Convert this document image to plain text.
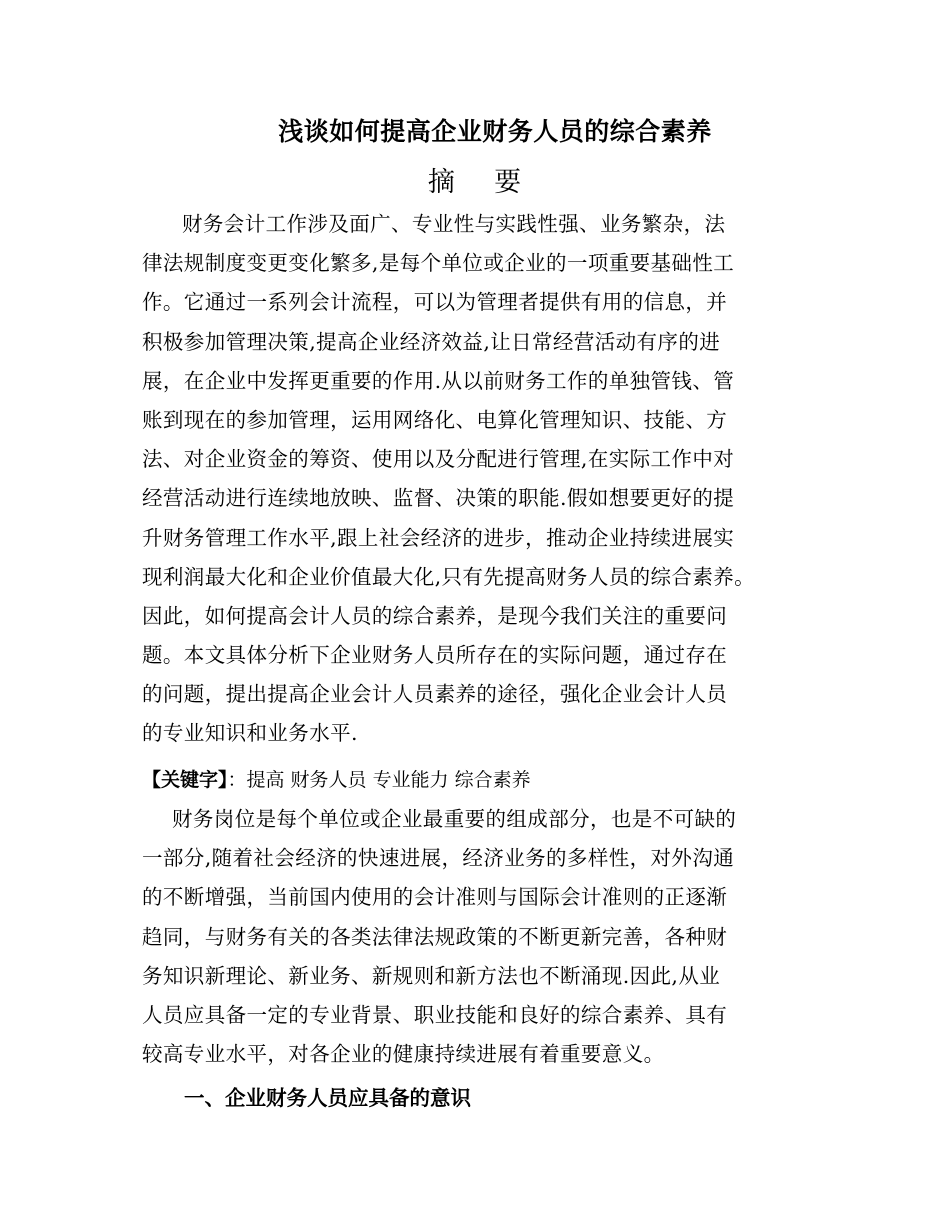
浅谈如何提高企业财务人员的综合素养
摘    要
财务会计工作涉及面广、专业性与实践性强、业务繁杂，法
律法规制度变更变化繁多,是每个单位或企业的一项重要基础性工
作。它通过一系列会计流程，可以为管理者提供有用的信息，并
积极参加管理决策,提高企业经济效益,让日常经营活动有序的进
展，在企业中发挥更重要的作用.从以前财务工作的单独管钱、管
账到现在的参加管理，运用网络化、电算化管理知识、技能、方
法、对企业资金的筹资、使用以及分配进行管理,在实际工作中对
经营活动进行连续地放映、监督、决策的职能.假如想要更好的提
升财务管理工作水平,跟上社会经济的进步，推动企业持续进展实
现利润最大化和企业价值最大化,只有先提高财务人员的综合素养。
因此，如何提高会计人员的综合素养，是现今我们关注的重要问
题。本文具体分析下企业财务人员所存在的实际问题，通过存在
的问题，提出提高企业会计人员素养的途径，强化企业会计人员
的专业知识和业务水平.
【关键字】：提高 财务人员 专业能力 综合素养
财务岗位是每个单位或企业最重要的组成部分，也是不可缺的
一部分,随着社会经济的快速进展，经济业务的多样性，对外沟通
的不断增强，当前国内使用的会计准则与国际会计准则的正逐渐
趋同，与财务有关的各类法律法规政策的不断更新完善，各种财
务知识新理论、新业务、新规则和新方法也不断涌现.因此,从业
人员应具备一定的专业背景、职业技能和良好的综合素养、具有
较高专业水平，对各企业的健康持续进展有着重要意义。
一、企业财务人员应具备的意识
